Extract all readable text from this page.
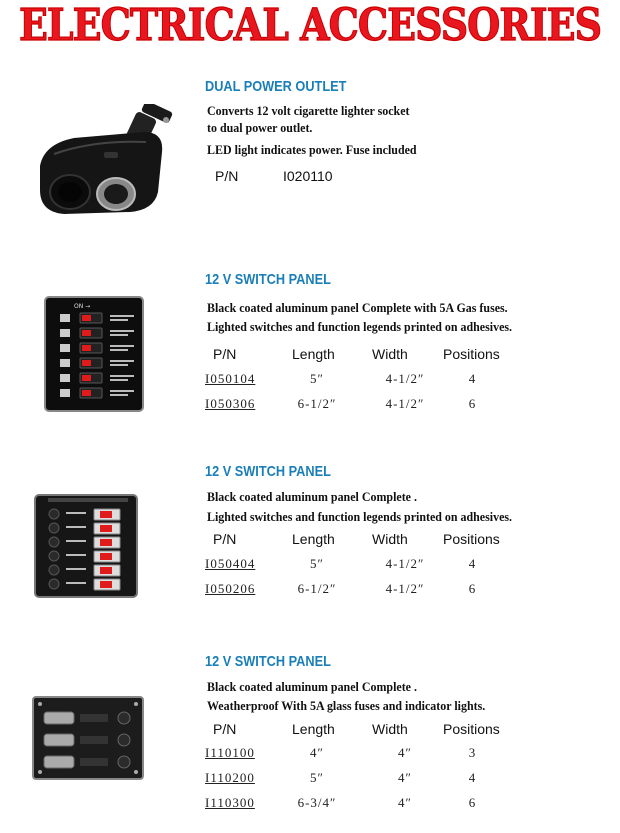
ELECTRICAL ACCESSORIES
DUAL POWER OUTLET
Converts 12 volt cigarette lighter socket
to dual power outlet.
LED light indicates power. Fuse included
P/N	I020110
ON →
12 V SWITCH PANEL
Black coated aluminum panel Complete with 5A Gas fuses.
Lighted switches and function legends printed on adhesives.
P/N	Length	Width	Positions
I050104	5″	4-1/2″	4
I050306	6-1/2″	4-1/2″	6
12 V SWITCH PANEL
Black coated aluminum panel Complete .
Lighted switches and function legends printed on adhesives.
P/N	Length	Width	Positions
I050404	5″	4-1/2″	4
I050206	6-1/2″	4-1/2″	6
12 V SWITCH PANEL
Black coated aluminum panel Complete .
Weatherproof With 5A glass fuses and indicator lights.
P/N	Length	Width	Positions
I110100	4″	4″	3
I110200	5″	4″	4
I110300	6-3/4″	4″	6
